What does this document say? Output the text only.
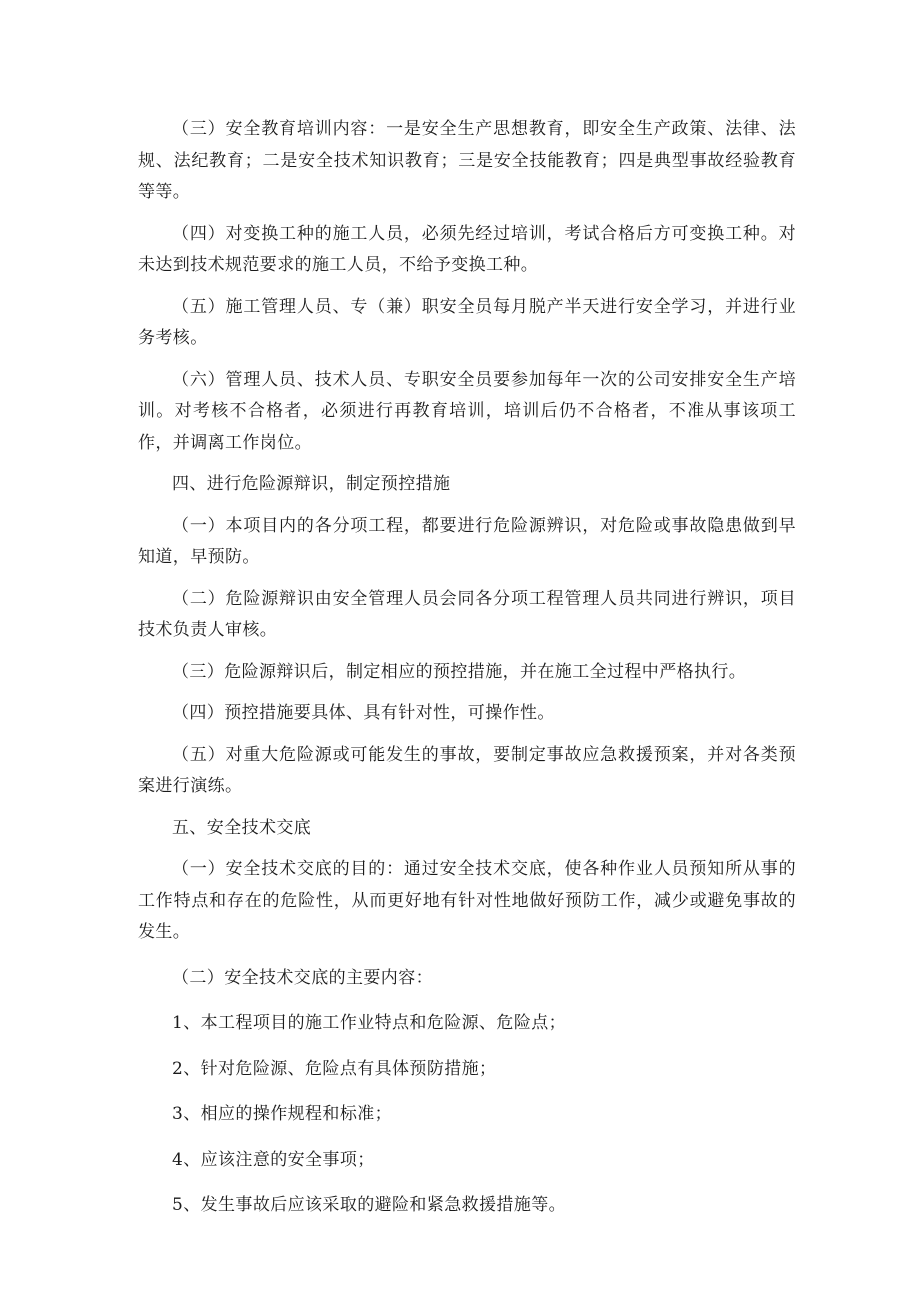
（三）安全教育培训内容：一是安全生产思想教育，即安全生产政策、法律、法规、法纪教育；二是安全技术知识教育；三是安全技能教育；四是典型事故经验教育等等。

（四）对变换工种的施工人员，必须先经过培训，考试合格后方可变换工种。对未达到技术规范要求的施工人员，不给予变换工种。

（五）施工管理人员、专（兼）职安全员每月脱产半天进行安全学习，并进行业务考核。

（六）管理人员、技术人员、专职安全员要参加每年一次的公司安排安全生产培训。对考核不合格者，必须进行再教育培训，培训后仍不合格者，不准从事该项工作，并调离工作岗位。

四、进行危险源辩识，制定预控措施

（一）本项目内的各分项工程，都要进行危险源辨识，对危险或事故隐患做到早知道，早预防。

（二）危险源辩识由安全管理人员会同各分项工程管理人员共同进行辨识，项目技术负责人审核。

（三）危险源辩识后，制定相应的预控措施，并在施工全过程中严格执行。

（四）预控措施要具体、具有针对性，可操作性。

（五）对重大危险源或可能发生的事故，要制定事故应急救援预案，并对各类预案进行演练。

五、安全技术交底

（一）安全技术交底的目的：通过安全技术交底，使各种作业人员预知所从事的工作特点和存在的危险性，从而更好地有针对性地做好预防工作，减少或避免事故的发生。

（二）安全技术交底的主要内容：

1、本工程项目的施工作业特点和危险源、危险点；

2、针对危险源、危险点有具体预防措施；

3、相应的操作规程和标准；

4、应该注意的安全事项；

5、发生事故后应该采取的避险和紧急救援措施等。
